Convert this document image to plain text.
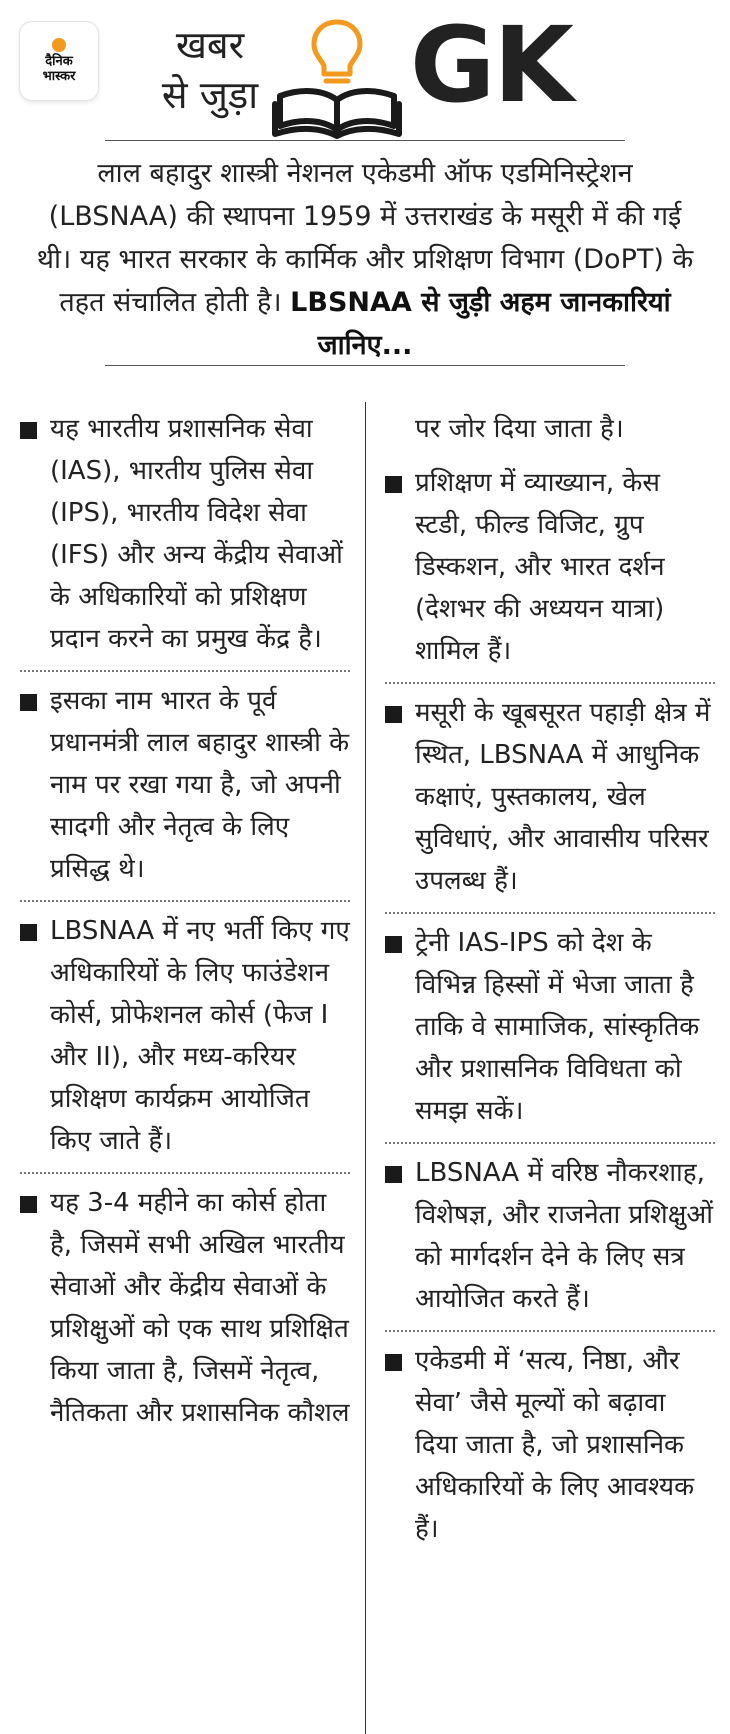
दैनिक
भास्कर
खबर
से जुड़ा GK
लाल बहादुर शास्त्री नेशनल एकेडमी ऑफ एडमिनिस्ट्रेशन (LBSNAA) की स्थापना 1959 में उत्तराखंड के मसूरी में की गई थी। यह भारत सरकार के कार्मिक और प्रशिक्षण विभाग (DoPT) के तहत संचालित होती है। LBSNAA से जुड़ी अहम जानकारियां जानिए...

यह भारतीय प्रशासनिक सेवा (IAS), भारतीय पुलिस सेवा (IPS), भारतीय विदेश सेवा (IFS) और अन्य केंद्रीय सेवाओं के अधिकारियों को प्रशिक्षण प्रदान करने का प्रमुख केंद्र है।

इसका नाम भारत के पूर्व प्रधानमंत्री लाल बहादुर शास्त्री के नाम पर रखा गया है, जो अपनी सादगी और नेतृत्व के लिए प्रसिद्ध थे।

LBSNAA में नए भर्ती किए गए अधिकारियों के लिए फाउंडेशन कोर्स, प्रोफेशनल कोर्स (फेज I और II), और मध्य-करियर प्रशिक्षण कार्यक्रम आयोजित किए जाते हैं।

यह 3-4 महीने का कोर्स होता है, जिसमें सभी अखिल भारतीय सेवाओं और केंद्रीय सेवाओं के प्रशिक्षुओं को एक साथ प्रशिक्षित किया जाता है, जिसमें नेतृत्व, नैतिकता और प्रशासनिक कौशल

पर जोर दिया जाता है।

प्रशिक्षण में व्याख्यान, केस स्टडी, फील्ड विजिट, ग्रुप डिस्कशन, और भारत दर्शन (देशभर की अध्ययन यात्रा) शामिल हैं।

मसूरी के खूबसूरत पहाड़ी क्षेत्र में स्थित, LBSNAA में आधुनिक कक्षाएं, पुस्तकालय, खेल सुविधाएं, और आवासीय परिसर उपलब्ध हैं।

ट्रेनी IAS-IPS को देश के विभिन्न हिस्सों में भेजा जाता है ताकि वे सामाजिक, सांस्कृतिक और प्रशासनिक विविधता को समझ सकें।

LBSNAA में वरिष्ठ नौकरशाह, विशेषज्ञ, और राजनेता प्रशिक्षुओं को मार्गदर्शन देने के लिए सत्र आयोजित करते हैं।

एकेडमी में ‘सत्य, निष्ठा, और सेवा’ जैसे मूल्यों को बढ़ावा दिया जाता है, जो प्रशासनिक अधिकारियों के लिए आवश्यक हैं।
